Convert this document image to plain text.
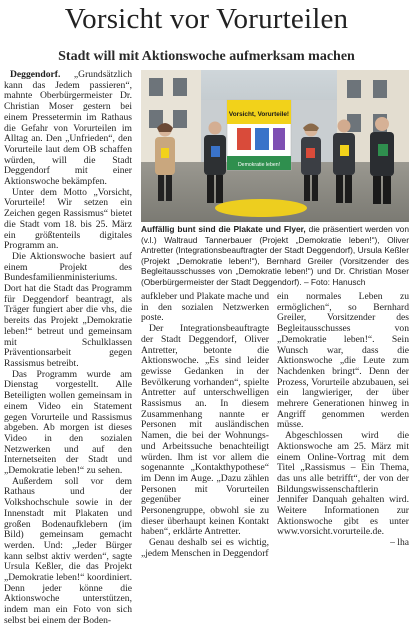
Vorsicht vor Vorurteilen
Stadt will mit Aktionswoche aufmerksam machen

Deggendorf. „Grundsätzlich kann das Jedem passieren“, mahnte Oberbürgermeister Dr. Christian Moser gestern bei einem Pressetermin im Rathaus die Gefahr von Vorurteilen im Alltag an. Den „Unfrieden“, den Vorurteile laut dem OB schaffen würden, will die Stadt Deggendorf mit einer Aktionswoche bekämpfen.

Unter dem Motto „Vorsicht, Vorurteile! Wir setzen ein Zeichen gegen Rassismus“ bietet die Stadt vom 18. bis 25. März ein größtenteils digitales Programm an.

Die Aktionswoche basiert auf einem Projekt des Bundesfamilienministeriums. Dort hat die Stadt das Programm für Deggendorf beantragt, als Träger fungiert aber die vhs, die bereits das Projekt „Demokratie leben!“ betreut und gemeinsam mit Schulklassen Präventionsarbeit gegen Rassismus betreibt.

Das Programm wurde am Dienstag vorgestellt. Alle Beteiligten wollen gemeinsam in einem Video ein Statement gegen Vorurteile und Rassismus abgeben. Ab morgen ist dieses Video in den sozialen Netzwerken und auf den Internetseiten der Stadt und „Demokratie leben!“ zu sehen.

Außerdem soll vor dem Rathaus und der Volkshochschule sowie in der Innenstadt mit Plakaten und großen Bodenaufklebern (im Bild) gemeinsam gemacht werden. Und: „Jeder Bürger kann selbst aktiv werden“, sagte Ursula Keßler, die das Projekt „Demokratie leben!“ koordiniert. Denn jeder könne die Aktionswoche unterstützen, indem man ein Foto von sich selbst bei einem der Boden-

Vorsicht, Vorurteile!
Demokratie leben!
Auffällig bunt sind die Plakate und Flyer, die präsentiert werden von (v.l.) Waltraud Tannerbauer (Projekt „Demokratie leben!“), Oliver Antretter (Integrationsbeauftragter der Stadt Deggendorf), Ursula Keßler (Projekt „Demokratie leben!“), Bernhard Greiler (Vorsitzender des Begleitausschusses von „Demokratie leben!“) und Dr. Christian Moser (Oberbürgermeister der Stadt Deggendorf). – Foto: Hanusch

aufkleber und Plakate mache und in den sozialen Netzwerken poste.

Der Integrationsbeauftragte der Stadt Deggendorf, Oliver Antretter, betonte die Aktionswoche. „Es sind leider gewisse Gedanken in der Bevölkerung vorhanden“, spielte Antretter auf unterschwelligen Rassismus an. In diesem Zusammenhang nannte er Personen mit ausländischen Namen, die bei der Wohnungs- und Arbeitssuche benachteiligt würden. Ihm ist vor allem die sogenannte „Kontakthypothese“ im Denn im Auge. „Dazu zählen Personen mit Vorurteilen gegenüber einer Personengruppe, obwohl sie zu dieser überhaupt keinen Kontakt haben“, erklärte Antretter.

Genau deshalb sei es wichtig, „jedem Menschen in Deggendorf

ein normales Leben zu ermöglichen“, so Bernhard Greiler, Vorsitzender des Begleitausschusses von „Demokratie leben!“. Sein Wunsch war, dass die Aktionswoche „die Leute zum Nachdenken bringt“. Denn der Prozess, Vorurteile abzubauen, sei ein langwieriger, der über mehrere Generationen hinweg in Angriff genommen werden müsse.

Abgeschlossen wird die Aktionswoche am 25. März mit einem Online-Vortrag mit dem Titel „Rassismus – Ein Thema, das uns alle betrifft“, der von der Bildungswissenschaftlerin Jennifer Danquah gehalten wird. Weitere Informationen zur Aktionswoche gibt es unter www.vorsicht.vorurteile.de.

– lha
